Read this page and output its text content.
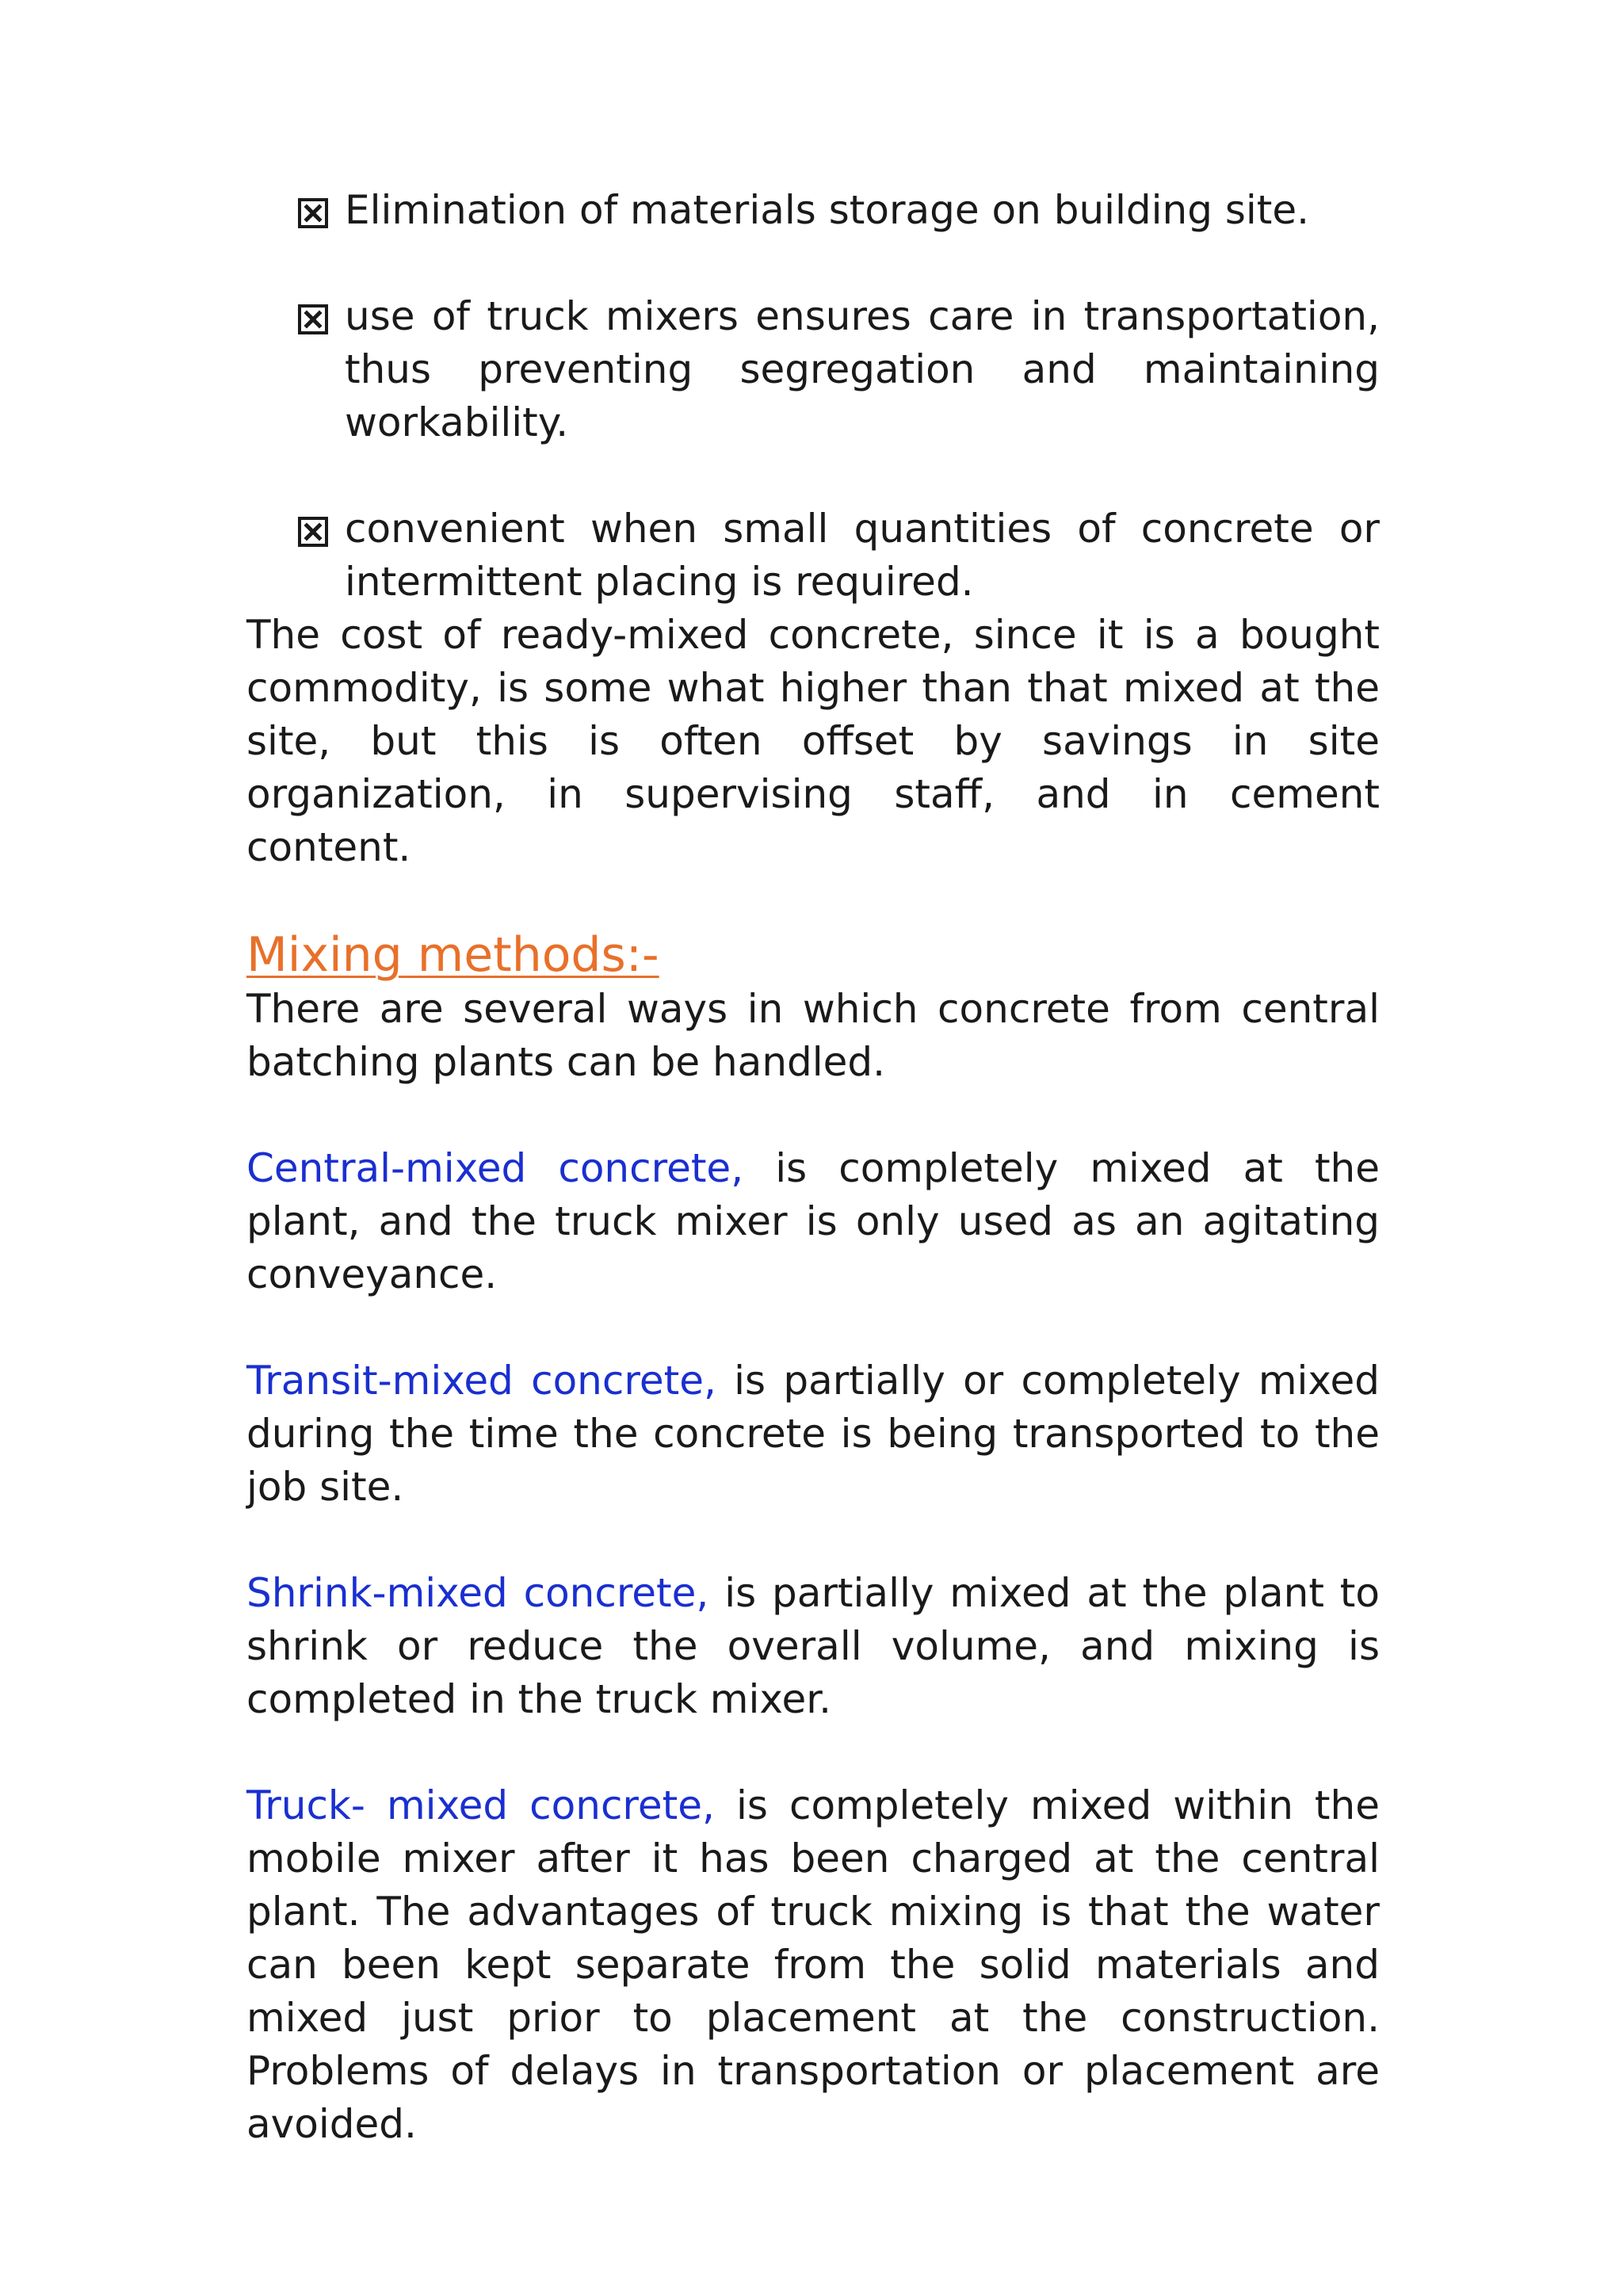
Elimination of materials storage on building site.
use of truck mixers ensures care in transportation, thus preventing segregation and maintaining workability.
convenient when small quantities of concrete or intermittent placing is required.

The cost of ready-mixed concrete, since it is a bought commodity, is some what higher than that mixed at the site, but this is often offset by savings in site organization, in supervising staff, and in cement content.

Mixing methods:-

There are several ways in which concrete from central batching plants can be handled.

Central-mixed concrete, is completely mixed at the plant, and the truck mixer is only used as an agitating conveyance.

Transit-mixed concrete, is partially or completely mixed during the time the concrete is being transported to the job site.

Shrink-mixed concrete, is partially mixed at the plant to shrink or reduce the overall volume, and mixing is completed in the truck mixer.

Truck- mixed concrete, is completely mixed within the mobile mixer after it has been charged at the central plant. The advantages of truck mixing is that the water can been kept separate from the solid materials and mixed just prior to placement at the construction. Problems of delays in transportation or placement are avoided.
